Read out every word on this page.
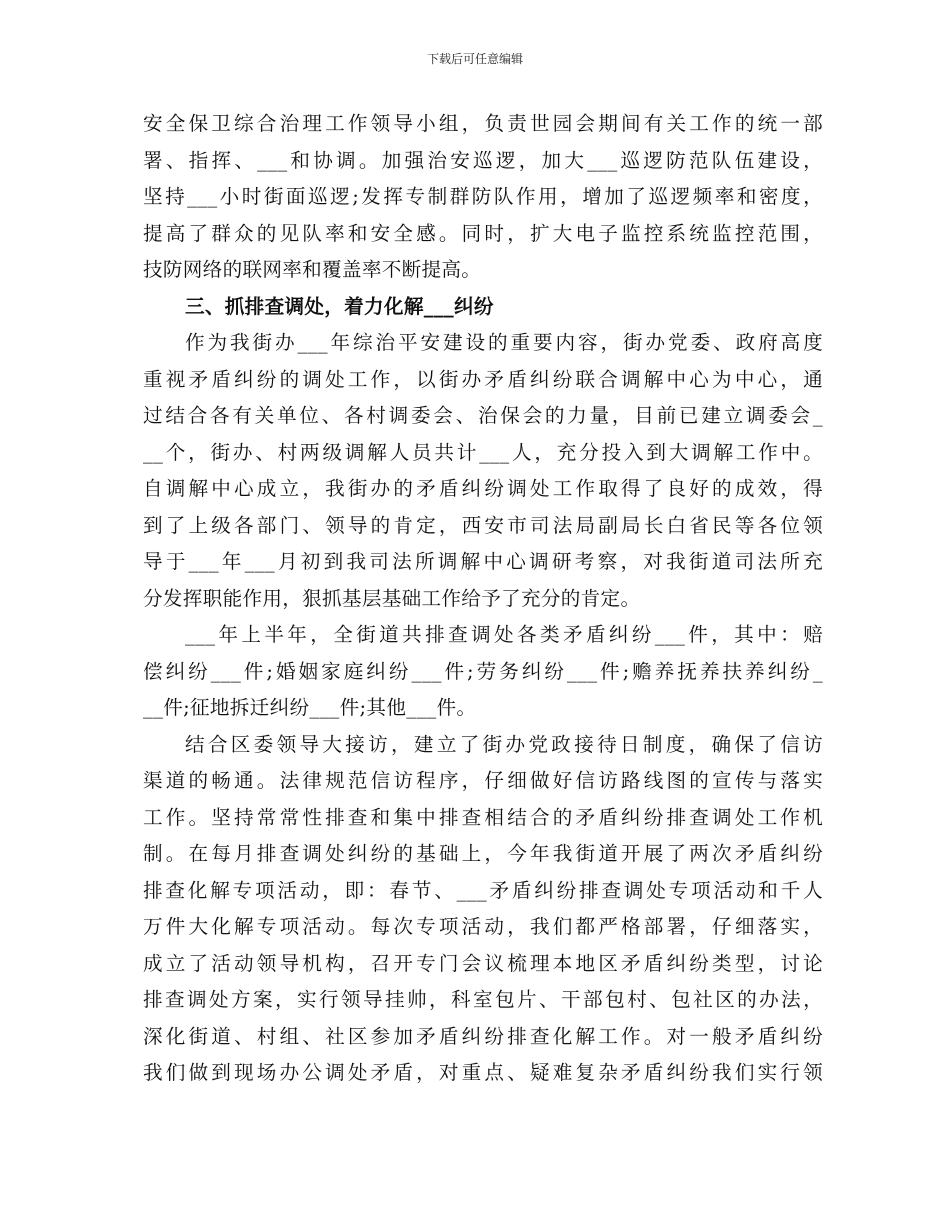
下载后可任意编辑
安全保卫综合治理工作领导小组，负责世园会期间有关工作的统一部
署、指挥、___和协调。加强治安巡逻，加大___巡逻防范队伍建设，
坚持___小时街面巡逻;发挥专制群防队作用，增加了巡逻频率和密度，
提高了群众的见队率和安全感。同时，扩大电子监控系统监控范围，
技防网络的联网率和覆盖率不断提高。
三、抓排查调处，着力化解___纠纷
作为我街办___年综治平安建设的重要内容，街办党委、政府高度
重视矛盾纠纷的调处工作，以街办矛盾纠纷联合调解中心为中心，通
过结合各有关单位、各村调委会、治保会的力量，目前已建立调委会_
__个，街办、村两级调解人员共计___人，充分投入到大调解工作中。
自调解中心成立，我街办的矛盾纠纷调处工作取得了良好的成效，得
到了上级各部门、领导的肯定，西安市司法局副局长白省民等各位领
导于___年___月初到我司法所调解中心调研考察，对我街道司法所充
分发挥职能作用，狠抓基层基础工作给予了充分的肯定。
___年上半年，全街道共排查调处各类矛盾纠纷___件，其中：赔
偿纠纷___件;婚姻家庭纠纷___件;劳务纠纷___件;赡养抚养扶养纠纷_
__件;征地拆迁纠纷___件;其他___件。
结合区委领导大接访，建立了街办党政接待日制度，确保了信访
渠道的畅通。法律规范信访程序，仔细做好信访路线图的宣传与落实
工作。坚持常常性排查和集中排查相结合的矛盾纠纷排查调处工作机
制。在每月排查调处纠纷的基础上，今年我街道开展了两次矛盾纠纷
排查化解专项活动，即：春节、___矛盾纠纷排查调处专项活动和千人
万件大化解专项活动。每次专项活动，我们都严格部署，仔细落实，
成立了活动领导机构，召开专门会议梳理本地区矛盾纠纷类型，讨论
排查调处方案，实行领导挂帅，科室包片、干部包村、包社区的办法，
深化街道、村组、社区参加矛盾纠纷排查化解工作。对一般矛盾纠纷
我们做到现场办公调处矛盾，对重点、疑难复杂矛盾纠纷我们实行领
